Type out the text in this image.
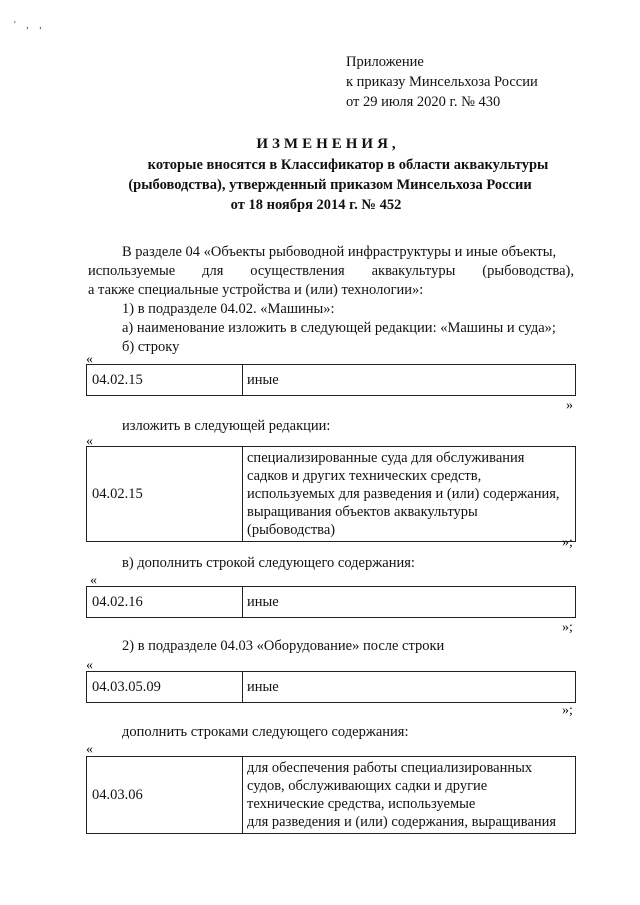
' , ,
Приложение
к приказу Минсельхоза России
от 29 июля 2020 г. № 430
ИЗМЕНЕНИЯ,
которые вносятся в Классификатор в области аквакультуры
(рыбоводства), утвержденный приказом Минсельхоза России
от 18 ноября 2014 г. № 452
В разделе 04 «Объекты рыбоводной инфраструктуры и иные объекты,
используемые для осуществления аквакультуры (рыбоводства),
а также специальные устройства и (или) технологии»:
1) в подразделе 04.02. «Машины»:
а) наименование изложить в следующей редакции: «Машины и суда»;
б) строку
«
04.02.15	иные
»
изложить в следующей редакции:
«
04.02.15	
специализированные суда для обслуживания
садков и других технических средств,
используемых для разведения и (или) содержания,
выращивания объектов аквакультуры
(рыбоводства)
»;
в) дополнить строкой следующего содержания:
«
04.02.16	иные
»;
2) в подразделе 04.03 «Оборудование» после строки
«
04.03.05.09	иные
»;
дополнить строками следующего содержания:
«
04.03.06	
для обеспечения работы специализированных
судов, обслуживающих садки и другие
технические средства, используемые
для разведения и (или) содержания, выращивания
